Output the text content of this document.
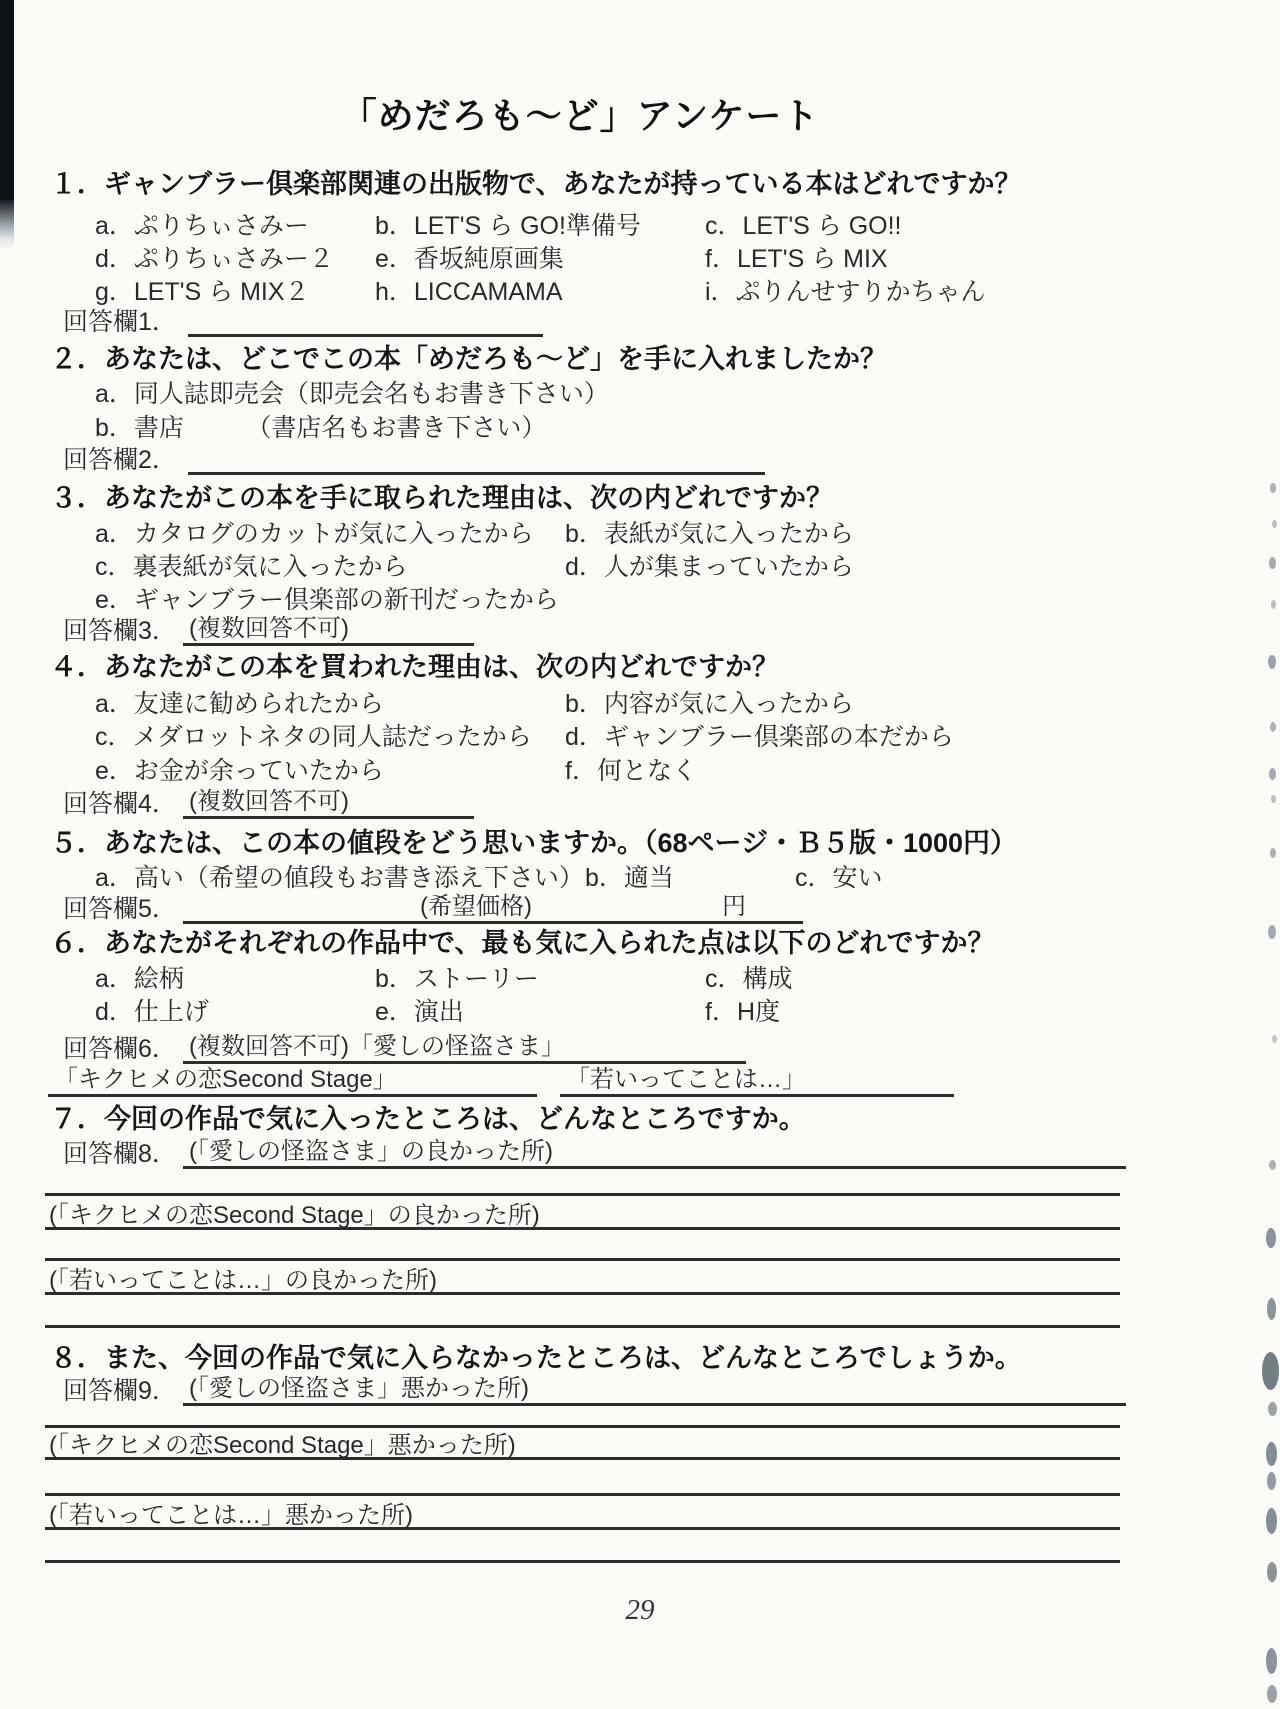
「めだろも〜ど」アンケート
１．ギャンブラー倶楽部関連の出版物で、あなたが持っている本はどれですか？
a．ぷりちぃさみー	b．LET'S ら GO!準備号	c．LET'S ら GO!!
d．ぷりちぃさみー２ e．香坂純原画集	f．LET'S ら MIX
g．LET'S ら MIX２	h．LICCAMAMA	i．ぷりんせすりかちゃん
回答欄1．
２．あなたは、どこでこの本「めだろも〜ど」を手に入れましたか？
a．同人誌即売会（即売会名もお書き下さい）
b．書店　　　（書店名もお書き下さい）
回答欄2．
３．あなたがこの本を手に取られた理由は、次の内どれですか？
a．カタログのカットが気に入ったから b．表紙が気に入ったから
c．裏表紙が気に入ったから	d．人が集まっていたから
e．ギャンブラー倶楽部の新刊だったから
回答欄3． (複数回答不可)
４．あなたがこの本を買われた理由は、次の内どれですか？
a．友達に勧められたから	b．内容が気に入ったから
c．メダロットネタの同人誌だったから d．ギャンブラー倶楽部の本だから
e．お金が余っていたから	f．何となく
回答欄4． (複数回答不可)
５．あなたは、この本の値段をどう思いますか。（68ページ・Ｂ５版・1000円）
a．高い（希望の値段もお書き添え下さい） b．適当	c．安い
回答欄5．	(希望価格)	円
６．あなたがそれぞれの作品中で、最も気に入られた点は以下のどれですか？
a．絵柄	b．ストーリー	c．構成
d．仕上げ	e．演出	f．H度
回答欄6． (複数回答不可)「愛しの怪盗さま」
「キクヒメの恋Second Stage」	「若いってことは…」
７．今回の作品で気に入ったところは、どんなところですか。
回答欄8． (「愛しの怪盗さま」の良かった所)
(「キクヒメの恋Second Stage」の良かった所)
(「若いってことは…」の良かった所)
８．また、今回の作品で気に入らなかったところは、どんなところでしょうか。
回答欄9． (「愛しの怪盗さま」悪かった所)
(「キクヒメの恋Second Stage」悪かった所)
(「若いってことは…」悪かった所)
29
